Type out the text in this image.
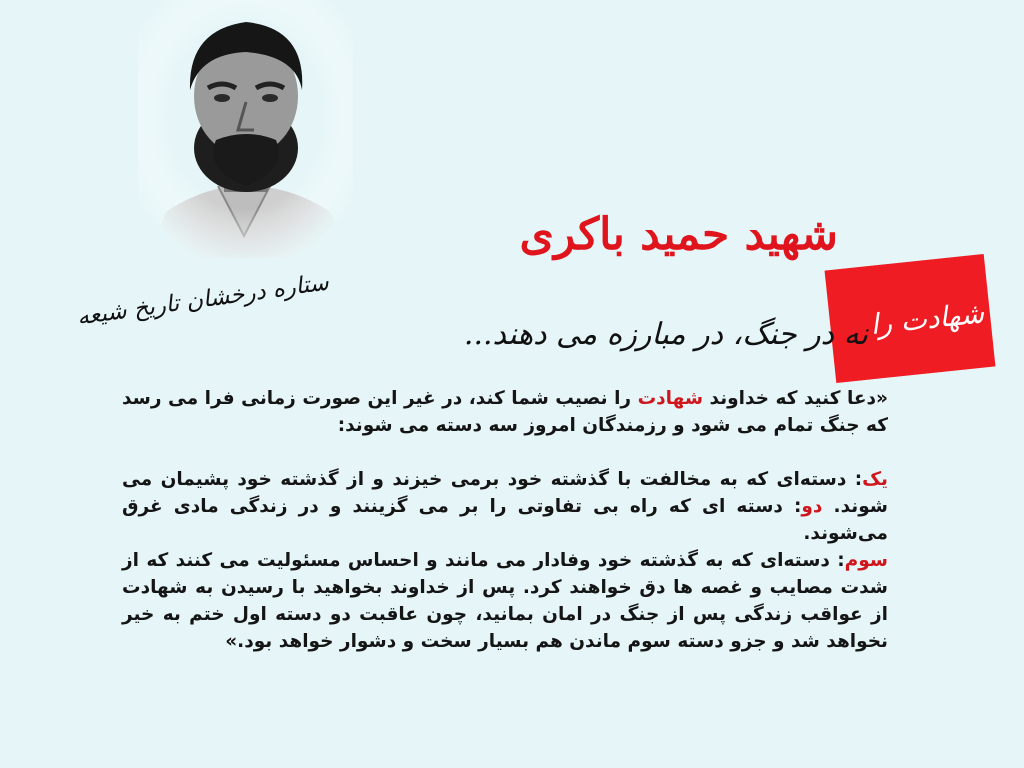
شهید حمید باکری
شهادت را
نه در جنگ، در مبارزه می دهند...
ستاره درخشان تاریخ شیعه

«دعا کنید که خداوند شهادت را نصیب شما کند، در غیر این صورت زمانی فرا می رسد که جنگ تمام می شود و رزمندگان امروز سه دسته می شوند:

یک: دسته‌ای که به مخالفت با گذشته خود برمی خیزند و از گذشته خود پشیمان می شوند. دو: دسته ای که راه بی تفاوتی را بر می گزینند و در زندگی مادی غرق می‌شوند.
سوم: دسته‌ای که به گذشته خود وفادار می مانند و احساس مسئولیت می کنند که از شدت مصایب و غصه ها دق خواهند کرد. پس از خداوند بخواهید با رسیدن به شهادت از عواقب زندگی پس از جنگ در امان بمانید، چون عاقبت دو دسته اول ختم به خیر نخواهد شد و جزو دسته سوم ماندن هم بسیار سخت و دشوار خواهد بود.»
